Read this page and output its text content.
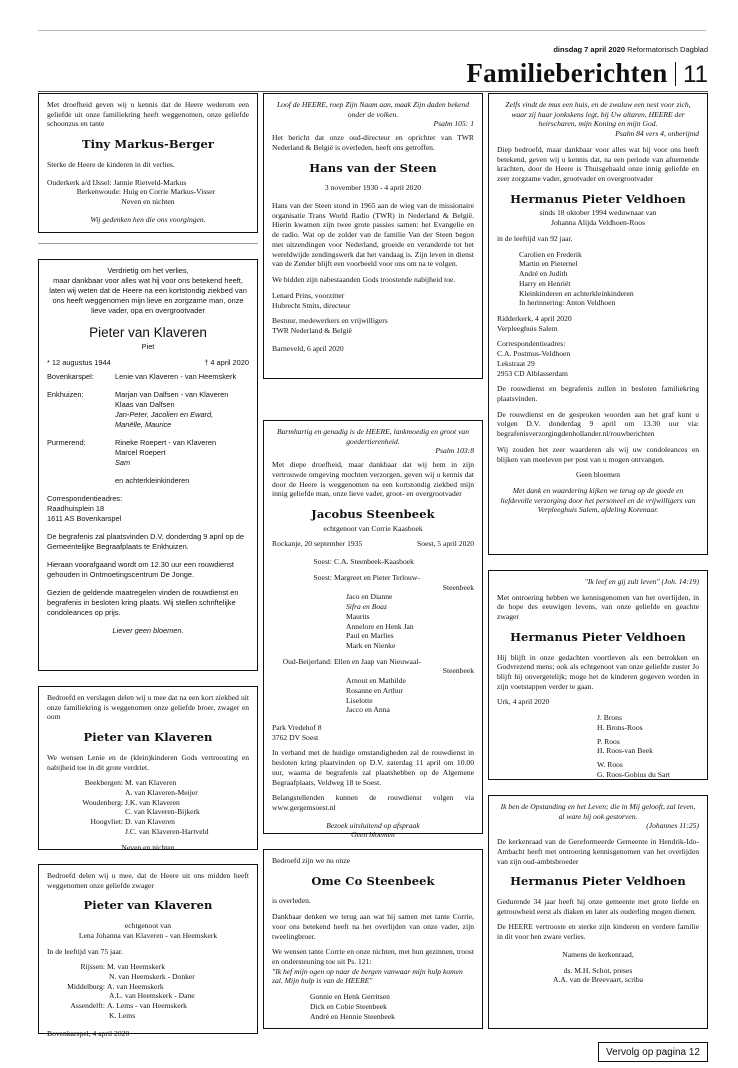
dinsdag 7 april 2020 Reformatorisch Dagblad
Familieberichten 11
Met droefheid geven wij u kennis dat de Heere wederom een geliefde uit onze familiekring heeft weggenomen, onze geliefde schoonzus en tante
Tiny Markus-Berger
Sterke de Heere de kinderen in dit verlies.
Ouderkerk a/d IJssel: Jannie Rietveld-Markus
Berkenwoude: Huig en Corrie Markus-Visser
Neven en nichten
Wij gedenken hen die ons voorgingen.
Verdrietig om het verlies,
maar dankbaar voor alles wat hij voor ons betekend heeft, laten wij weten dat de Heere na een kortstondig ziekbed van ons heeft weggenomen mijn lieve en zorgzame man, onze lieve vader, opa en overgrootvader
Pieter van Klaveren
Piet
* 12 augustus 1944	† 4 april 2020
Bovenkarspel:	Lenie van Klaveren - van Heemskerk
Enkhuizen:	Marjan van Dalfsen - van Klaveren
Klaas van Dalfsen
Jan-Peter, Jacolien en Eward,
Manëlle, Maurice
Purmerend:	Rineke Roepert - van Klaveren
Marcel Roepert
Sam
en achterkleinkinderen
Correspondentieadres:
Raadhuisplein 18
1611 AS Bovenkarspel
De begrafenis zal plaatsvinden D.V. donderdag 9 april op de Gemeentelijke Begraafplaats te Enkhuizen.
Hieraan voorafgaand wordt om 12.30 uur een rouwdienst gehouden in Ontmoetingscentrum De Jonge.
Gezien de geldende maatregelen vinden de rouwdienst en begrafenis in besloten kring plaats. Wij stellen schriftelijke condoleances op prijs.
Liever geen bloemen.
Bedroefd en verslagen delen wij u mee dat na een kort ziekbed uit onze familiekring is weggenomen onze geliefde broer, zwager en oom
Pieter van Klaveren
We wensen Lenie en de (klein)kinderen Gods vertroosting en nabijheid toe in dit grote verdriet.
Beekbergen: M. van Klaveren
A. van Klaveren-Meijer
Woudenberg: J.K. van Klaveren
C. van Klaveren-Bijkerk
Hoogvliet: D. van Klaveren
J.C. van Klaveren-Hartveld
Neven en nichten
Bedroefd delen wij u mee, dat de Heere uit ons midden heeft weggenomen onze geliefde zwager
Pieter van Klaveren
echtgenoot van
Lena Johanna van Klaveren - van Heemskerk
In de leeftijd van 75 jaar.
Rijssen: M. van Heemskerk
N. van Heemskerk - Donker
Middelburg: A. van Heemskerk
A.L. van Heemskerk - Dane
Assendelft: A. Lems - van Heemskerk
K. Lems
Bovenkarspel, 4 april 2020
Loof de HEERE, roep Zijn Naam aan, maak Zijn daden bekend onder de volken.
Psalm 105: 1
Het bericht dat onze oud-directeur en oprichter van TWR Nederland & België is overleden, heeft ons getroffen.
Hans van der Steen
3 november 1930 - 4 april 2020
Hans van der Steen stond in 1965 aan de wieg van de missionaire organisatie Trans World Radio (TWR) in Nederland & België. Hierin kwamen zijn twee grote passies samen: het Evangelie en de radio. Wat op de zolder van de familie Van der Steen begon met uitzendingen voor Nederland, groeide en veranderde tot het wereldwijde zendingswerk dat het vandaag is. Zijn leven in dienst van de Zender blijft een voorbeeld voor ons om na te volgen.
We bidden zijn nabestaanden Gods troostende nabijheid toe.
Lenard Prins, voorzitter
Hubrecht Smits, directeur
Bestuur, medewerkers en vrijwilligers
TWR Nederland & België
Barneveld, 6 april 2020
Barmhartig en genadig is de HEERE, lankmoedig en groot van goedertierenheid.
Psalm 103:8
Met diepe droefheid, maar dankbaar dat wij hem in zijn vertrouwde omgeving mochten verzorgen, geven wij u kennis dat door de Heere is weggenomen na een kortstondig ziekbed mijn innig geliefde man, onze lieve vader, groot- en overgrootvader
Jacobus Steenbeek
echtgenoot van Corrie Kaasboek
Rockanje, 20 september 1935	Soest, 5 april 2020
Soest: C.A. Steenbeek-Kaasboek
Soest: Margreet en Pieter Terlouw-
Steenbeek
Jaco en Dianne
Sifra en Boaz
Maurits
Annelore en Henk Jan
Paul en Marlies
Mark en Nienke
Oud-Beijerland: Ellen en Jaap van Nieuwaal-
Steenbeek
Arnout en Mathilde
Rosanne en Arthur
Liselotte
Jacco en Anna
Park Vredehof 8
3762 DV Soest
In verband met de huidige omstandigheden zal de rouwdienst in besloten kring plaatvinden op D.V. zaterdag 11 april om 10.00 uur, waarna de begrafenis zal plaatshebben op de Algemene Begraafplaats, Veldweg 18 te Soest.
Belangstellenden kunnen de rouwdienst volgen via www.gergemsoest.nl
Bezoek uitsluitend op afspraak
Geen bloemen
Bedroefd zijn we nu onze
Ome Co Steenbeek
is overleden.
Dankbaar denken we terug aan wat hij samen met tante Corrie, voor ons betekend heeft na het overlijden van onze vader, zijn tweelingbroer.
We wensen tante Corrie en onze nichten, met hun gezinnen, troost en ondersteuning toe uit Ps. 121:
"Ik hef mijn ogen op naar de bergen vanwaar mijn hulp komen zal. Mijn hulp is van de HEERE"
Gonnie en Henk Gerritsen
Dick en Cobie Steenbeek
André en Hennie Steenbeek
Zelfs vindt de mus een huis, en de zwaluw een nest voor zich, waar zij haar jonkskens legt, bij Uw altaren, HEERE der heirscharen, mijn Koning en mijn God.
Psalm 84 vers 4, onberijmd
Diep bedroefd, maar dankbaar voor alles wat hij voor ons heeft betekend, geven wij u kennis dat, na een periode van afnemende krachten, door de Heere is Thuisgehaald onze innig geliefde en zeer zorgzame vader, grootvader en overgrootvader
Hermanus Pieter Veldhoen
sinds 18 oktober 1994 weduwnaar van
Johanna Alijda Veldhoen-Roos
in de leeftijd van 92 jaar.
Carolien en Frederik
Martin en Pieternel
André en Judith
Harry en Henriët
Kleinkinderen en achterkleinkinderen
In herinnering: Anton Veldhoen
Ridderkerk, 4 april 2020
Verpleeghuis Salem
Correspondentieadres:
C.A. Postmus-Veldhoen
Lekstraat 29
2953 CD Alblasserdam
De rouwdienst en begrafenis zullen in besloten familiekring plaatsvinden.
De rouwdienst en de gesproken woorden aan het graf kunt u volgen D.V. donderdag 9 april om 13.30 uur via: begrafenisverzorgingdenhollander.nl/rouwberichten
Wij zouden het zeer waarderen als wij uw condoleances en blijken van meeleven per post van u mogen ontvangen.
Geen bloemen
Met dank en waardering kijken we terug op de goede en liefdevolle verzorging door het personeel en de vrijwilligers van Verpleeghuis Salem, afdeling Korenaar.
"Ik leef en gij zult leven" (Joh. 14:19)
Met ontroering hebben we kennisgenomen van het overlijden, in de hope des eeuwigen levens, van onze geliefde en geachte zwager
Hermanus Pieter Veldhoen
Hij blijft in onze gedachten voortleven als een betrokken en Godvrezend mens; ook als echtgenoot van onze geliefde zuster Jo blijft hij onvergetelijk; moge het de kinderen gegeven worden in zijn voetstappen verder te gaan.
Urk, 4 april 2020
J. Brons
H. Brons-Roos
P. Roos
H. Roos-van Beek
W. Roos
G. Roos-Gobius du Sart
Ik ben de Opstanding en het Leven; die in Mij gelooft, zal leven, al ware hij ook gestorven.
(Johannes 11:25)
De kerkenraad van de Gereformeerde Gemeente in Hendrik-Ido-Ambacht heeft met ontroering kennisgenomen van het overlijden van zijn oud-ambtsbroeder
Hermanus Pieter Veldhoen
Gedurende 34 jaar heeft hij onze gemeente met grote liefde en getrouwheid eerst als diaken en later als ouderling mogen dienen.
De HEERE vertrooste en sterke zijn kinderen en verdere familie in dit voor hen zware verlies.
Namens de kerkenraad,
ds. M.H. Schot, preses
A.A. van de Breevaart, scriba
Vervolg op pagina 12
